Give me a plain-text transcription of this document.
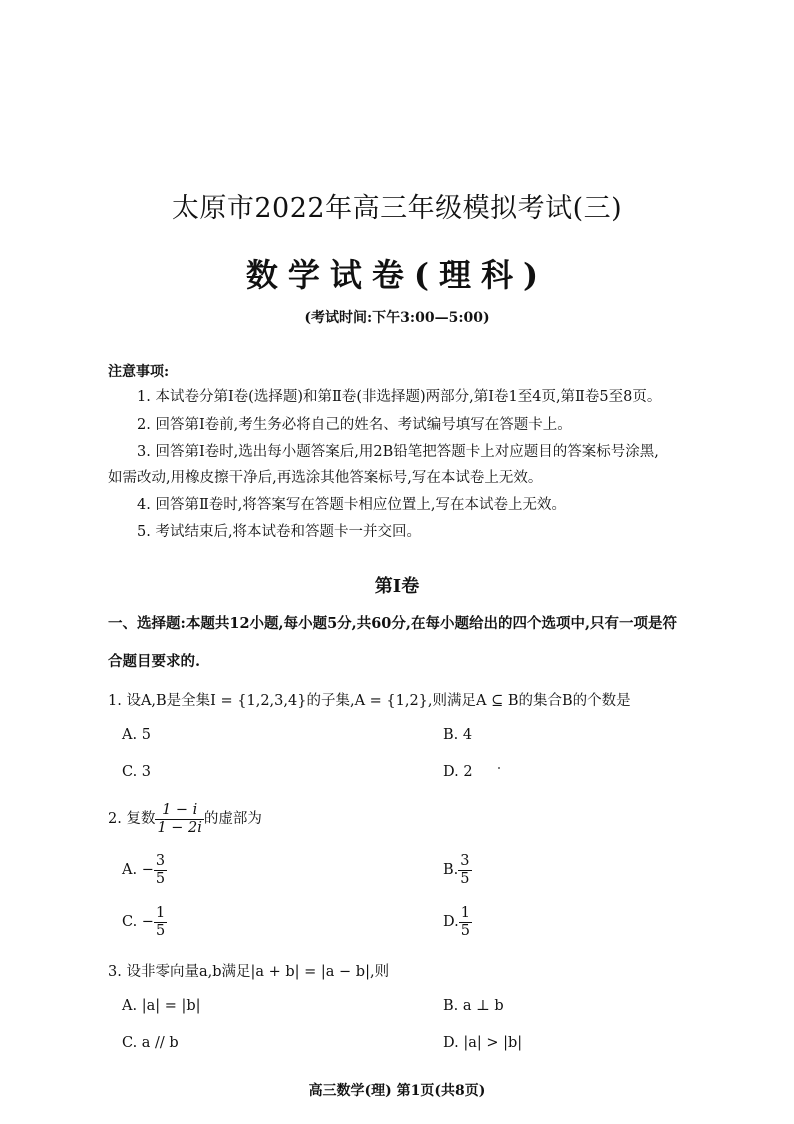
太原市2022年高三年级模拟考试(三)
数学试卷(理科)
(考试时间:下午3:00—5:00)
注意事项:
1. 本试卷分第Ⅰ卷(选择题)和第Ⅱ卷(非选择题)两部分,第Ⅰ卷1至4页,第Ⅱ卷5至8页。
2. 回答第Ⅰ卷前,考生务必将自己的姓名、考试编号填写在答题卡上。
3. 回答第Ⅰ卷时,选出每小题答案后,用2B铅笔把答题卡上对应题目的答案标号涂黑,
如需改动,用橡皮擦干净后,再选涂其他答案标号,写在本试卷上无效。
4. 回答第Ⅱ卷时,将答案写在答题卡相应位置上,写在本试卷上无效。
5. 考试结束后,将本试卷和答题卡一并交回。
第Ⅰ卷
一、选择题:本题共12小题,每小题5分,共60分,在每小题给出的四个选项中,只有一项是符
合题目要求的.
1. 设A,B是全集I = {1,2,3,4}的子集,A = {1,2},则满足A ⊆ B的集合B的个数是
A. 5	B. 4
C. 3	D. 2
2. 复数 $\frac{1 - i}{1 - 2i}$ 的虚部为
A. − $\frac{3}{5}$	B. $\frac{3}{5}$
C. − $\frac{1}{5}$	D. $\frac{1}{5}$
3. 设非零向量a,b满足|a + b| = |a − b|,则
A. |a| = |b|	B. a ⊥ b
C. a // b	D. |a| > |b|
高三数学(理) 第1页(共8页)
